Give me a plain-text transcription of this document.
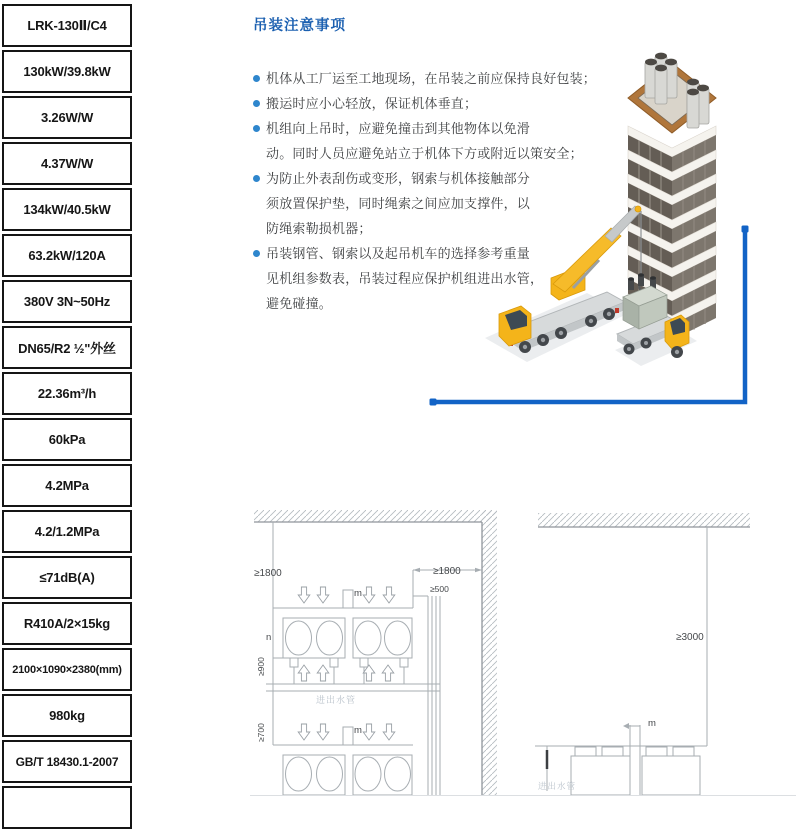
LRK-130Ⅱ/C4
130kW/39.8kW
3.26W/W
4.37W/W
134kW/40.5kW
63.2kW/120A
380V 3N~50Hz
DN65/R2 ½"外丝
22.36m³/h
60kPa
4.2MPa
4.2/1.2MPa
≤71dB(A)
R410A/2×15kg
2100×1090×2380(mm)
980kg
GB/T 18430.1-2007
吊装注意事项
机体从工厂运至工地现场，在吊装之前应保持良好包装；
搬运时应小心轻放，保证机体垂直；
机组向上吊时，应避免撞击到其他物体以免滑
动。同时人员应避免站立于机体下方或附近以策安全；
为防止外表刮伤或变形，钢索与机体接触部分
须放置保护垫，同时绳索之间应加支撑件，以
防绳索勒损机器；
吊装钢管、钢索以及起吊机车的选择参考重量
见机组参数表，吊装过程应保护机组进出水管，
避免碰撞。
≥1800	≥1800
≥500
≥900
≥700
m
n
m
进出水管
≥3000
m
进出水管
